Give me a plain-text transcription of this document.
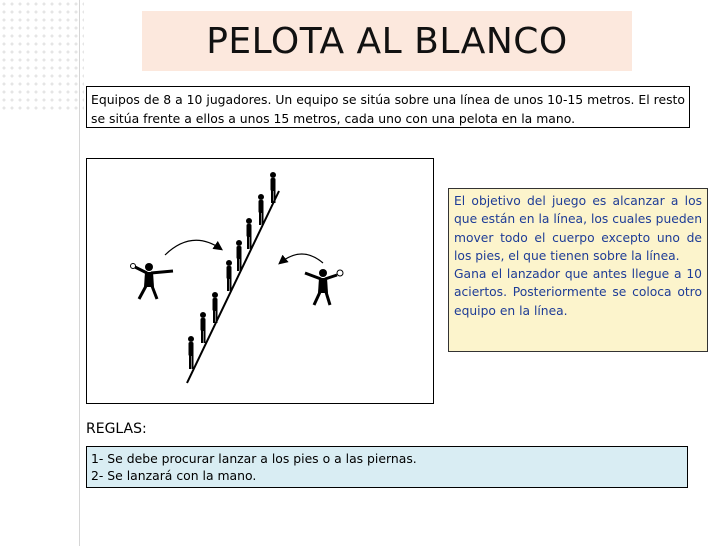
PELOTA AL BLANCO
Equipos de 8 a 10 jugadores. Un equipo se sitúa sobre una línea de unos 10-15 metros. El resto se sitúa frente a ellos a unos 15 metros, cada uno con una pelota en la mano.

El objetivo del juego es alcanzar a los que están en la línea, los cuales pueden mover todo el cuerpo excepto uno de los pies, el que tienen sobre la línea.

Gana el lanzador que antes llegue a 10 aciertos. Posteriormente se coloca otro equipo en la línea.

REGLAS:
1- Se debe procurar lanzar a los pies o a las piernas.
2- Se lanzará con la mano.
